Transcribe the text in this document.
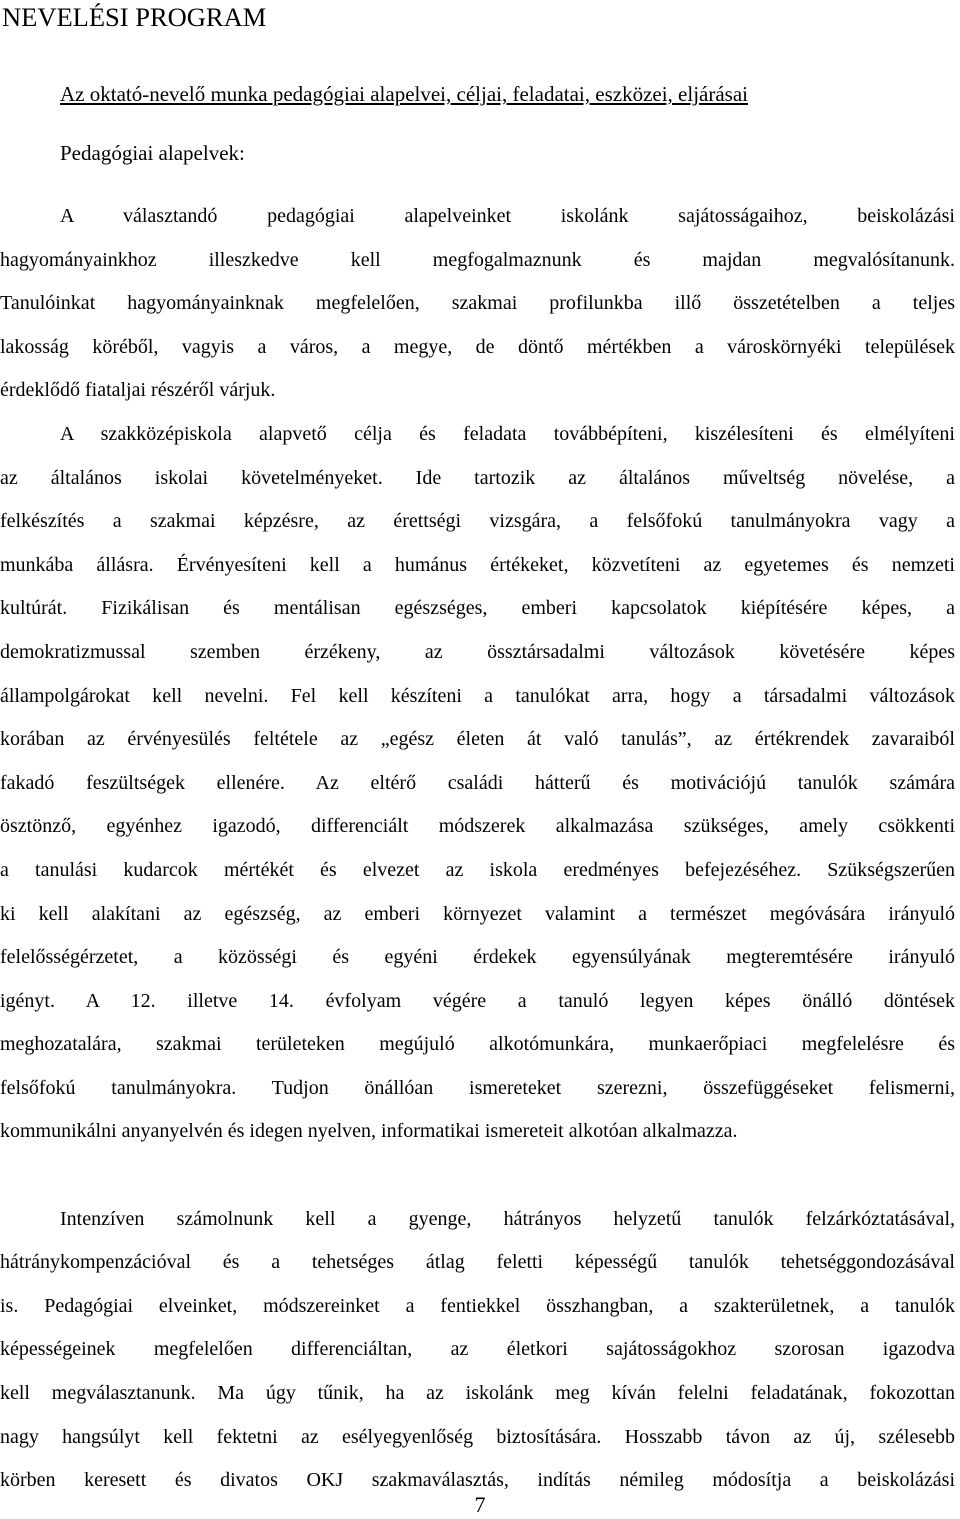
NEVELÉSI PROGRAM
Az oktató-nevelő munka pedagógiai alapelvei, céljai, feladatai, eszközei, eljárásai
Pedagógiai alapelvek:
A választandó pedagógiai alapelveinket iskolánk sajátosságaihoz, beiskolázási
hagyományainkhoz illeszkedve kell megfogalmaznunk és majdan megvalósítanunk.
Tanulóinkat hagyományainknak megfelelően, szakmai profilunkba illő összetételben a teljes
lakosság köréből, vagyis a város, a megye, de döntő mértékben a városkörnyéki települések
érdeklődő fiataljai részéről várjuk.
A szakközépiskola alapvető célja és feladata továbbépíteni, kiszélesíteni és elmélyíteni
az általános iskolai követelményeket. Ide tartozik az általános műveltség növelése, a
felkészítés a szakmai képzésre, az érettségi vizsgára, a felsőfokú tanulmányokra vagy a
munkába állásra. Érvényesíteni kell a humánus értékeket, közvetíteni az egyetemes és nemzeti
kultúrát. Fizikálisan és mentálisan egészséges, emberi kapcsolatok kiépítésére képes, a
demokratizmussal szemben érzékeny, az össztársadalmi változások követésére képes
állampolgárokat kell nevelni. Fel kell készíteni a tanulókat arra, hogy a társadalmi változások
korában az érvényesülés feltétele az „egész életen át való tanulás”, az értékrendek zavaraiból
fakadó feszültségek ellenére. Az eltérő családi hátterű és motivációjú tanulók számára
ösztönző, egyénhez igazodó, differenciált módszerek alkalmazása szükséges, amely csökkenti
a tanulási kudarcok mértékét és elvezet az iskola eredményes befejezéséhez. Szükségszerűen
ki kell alakítani az egészség, az emberi környezet valamint a természet megóvására irányuló
felelősségérzetet, a közösségi és egyéni érdekek egyensúlyának megteremtésére irányuló
igényt. A 12. illetve 14. évfolyam végére a tanuló legyen képes önálló döntések
meghozatalára, szakmai területeken megújuló alkotómunkára, munkaerőpiaci megfelelésre és
felsőfokú tanulmányokra. Tudjon önállóan ismereteket szerezni, összefüggéseket felismerni,
kommunikálni anyanyelvén és idegen nyelven, informatikai ismereteit alkotóan alkalmazza.
Intenzíven számolnunk kell a gyenge, hátrányos helyzetű tanulók felzárkóztatásával,
hátránykompenzációval és a tehetséges átlag feletti képességű tanulók tehetséggondozásával
is. Pedagógiai elveinket, módszereinket a fentiekkel összhangban, a szakterületnek, a tanulók
képességeinek megfelelően differenciáltan, az életkori sajátosságokhoz szorosan igazodva
kell megválasztanunk. Ma úgy tűnik, ha az iskolánk meg kíván felelni feladatának, fokozottan
nagy hangsúlyt kell fektetni az esélyegyenlőség biztosítására. Hosszabb távon az új, szélesebb
körben keresett és divatos OKJ szakmaválasztás, indítás némileg módosítja a beiskolázási
7
